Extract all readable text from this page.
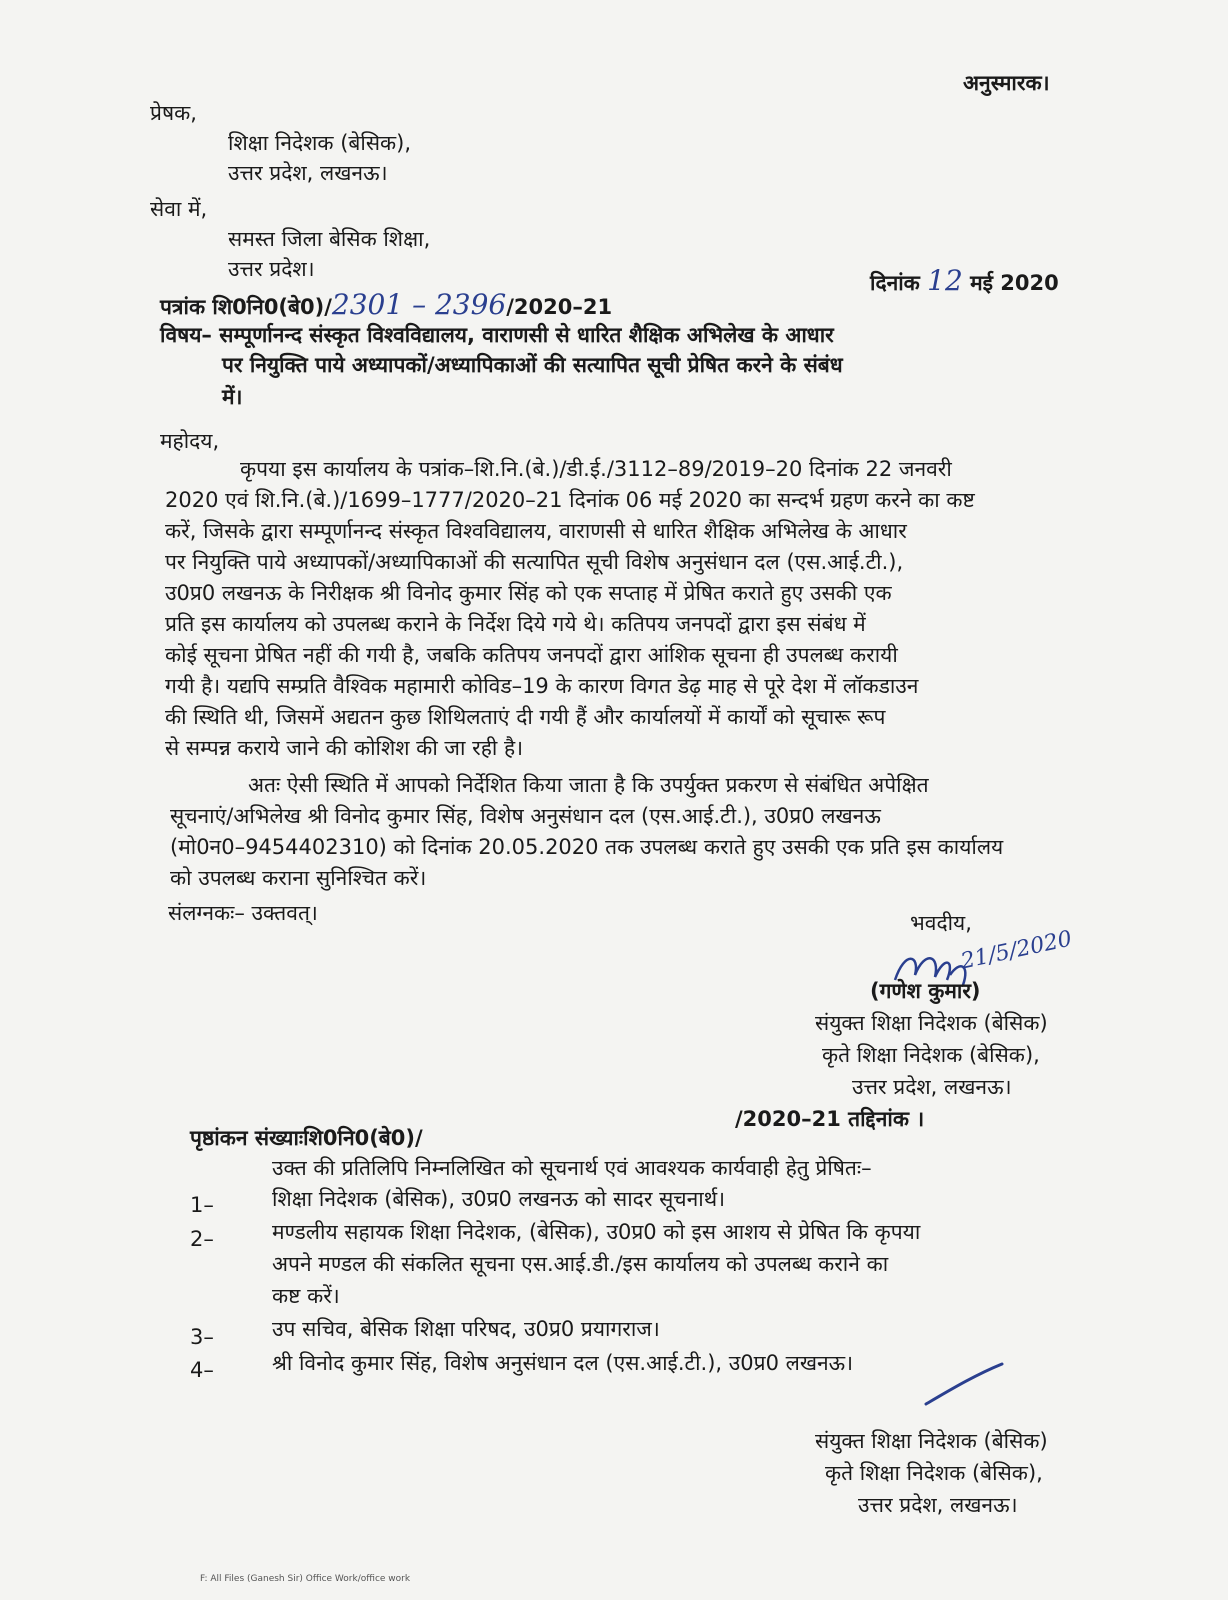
अनुस्मारक।
प्रेषक,
शिक्षा निदेशक (बेसिक),
उत्तर प्रदेश, लखनऊ।
सेवा में,
समस्त जिला बेसिक शिक्षा,
उत्तर प्रदेश।
पत्रांक शि0नि0(बे0)/2301 – 2396/2020–21
दिनांक 12 मई 2020
विषय– सम्पूर्णानन्द संस्कृत विश्वविद्यालय, वाराणसी से धारित शैक्षिक अभिलेख के आधार
पर नियुक्ति पाये अध्यापकों/अध्यापिकाओं की सत्यापित सूची प्रेषित करने के संबंध
में।
महोदय,
कृपया इस कार्यालय के पत्रांक–शि.नि.(बे.)/डी.ई./3112–89/2019–20 दिनांक 22 जनवरी
2020 एवं शि.नि.(बे.)/1699–1777/2020–21 दिनांक 06 मई 2020 का सन्दर्भ ग्रहण करने का कष्ट
करें, जिसके द्वारा सम्पूर्णानन्द संस्कृत विश्वविद्यालय, वाराणसी से धारित शैक्षिक अभिलेख के आधार
पर नियुक्ति पाये अध्यापकों/अध्यापिकाओं की सत्यापित सूची विशेष अनुसंधान दल (एस.आई.टी.),
उ0प्र0 लखनऊ के निरीक्षक श्री विनोद कुमार सिंह को एक सप्ताह में प्रेषित कराते हुए उसकी एक
प्रति इस कार्यालय को उपलब्ध कराने के निर्देश दिये गये थे। कतिपय जनपदों द्वारा इस संबंध में
कोई सूचना प्रेषित नहीं की गयी है, जबकि कतिपय जनपदों द्वारा आंशिक सूचना ही उपलब्ध करायी
गयी है। यद्यपि सम्प्रति वैश्विक महामारी कोविड–19 के कारण विगत डेढ़ माह से पूरे देश में लॉकडाउन
की स्थिति थी, जिसमें अद्यतन कुछ शिथिलताएं दी गयी हैं और कार्यालयों में कार्यों को सूचारू रूप
से सम्पन्न कराये जाने की कोशिश की जा रही है।
अतः ऐसी स्थिति में आपको निर्देशित किया जाता है कि उपर्युक्त प्रकरण से संबंधित अपेक्षित
सूचनाएं/अभिलेख श्री विनोद कुमार सिंह, विशेष अनुसंधान दल (एस.आई.टी.), उ0प्र0 लखनऊ
(मो0न0–9454402310) को दिनांक 20.05.2020 तक उपलब्ध कराते हुए उसकी एक प्रति इस कार्यालय
को उपलब्ध कराना सुनिश्चित करें।
संलग्नकः– उक्तवत्।	भवदीय,
21/5/2020
(गणेश कुमार)
संयुक्त शिक्षा निदेशक (बेसिक)
कृते शिक्षा निदेशक (बेसिक),
उत्तर प्रदेश, लखनऊ।
पृष्ठांकन संख्याःशि0नि0(बे0)/
/2020–21 तद्दिनांक ।
उक्त की प्रतिलिपि निम्नलिखित को सूचनार्थ एवं आवश्यक कार्यवाही हेतु प्रेषितः–
1–	शिक्षा निदेशक (बेसिक), उ0प्र0 लखनऊ को सादर सूचनार्थ।
2–	मण्डलीय सहायक शिक्षा निदेशक, (बेसिक), उ0प्र0 को इस आशय से प्रेषित कि कृपया
अपने मण्डल की संकलित सूचना एस.आई.डी./इस कार्यालय को उपलब्ध कराने का
कष्ट करें।
3–	उप सचिव, बेसिक शिक्षा परिषद, उ0प्र0 प्रयागराज।
4–	श्री विनोद कुमार सिंह, विशेष अनुसंधान दल (एस.आई.टी.), उ0प्र0 लखनऊ।
संयुक्त शिक्षा निदेशक (बेसिक)
कृते शिक्षा निदेशक (बेसिक),
उत्तर प्रदेश, लखनऊ।
F: All Files (Ganesh Sir) Office Work/office work
